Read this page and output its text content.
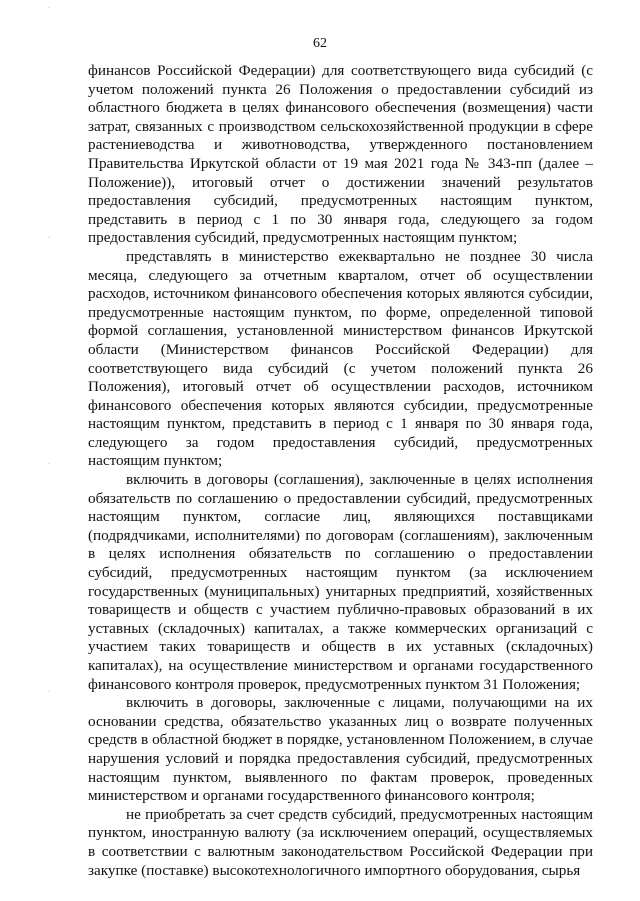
62
·
·
·
·

финансов Российской Федерации) для соответствующего вида субсидий (с учетом положений пункта 26 Положения о предоставлении субсидий из областного бюджета в целях финансового обеспечения (возмещения) части затрат, связанных с производством сельскохозяйственной продукции в сфере растениеводства и животноводства, утвержденного постановлением Правительства Иркутской области от 19 мая 2021 года № 343-пп (далее – Положение)), итоговый отчет о достижении значений результатов предоставления субсидий, предусмотренных настоящим пунктом, представить в период с 1 по 30 января года, следующего за годом предоставления субсидий, предусмотренных настоящим пунктом;

представлять в министерство ежеквартально не позднее 30 числа месяца, следующего за отчетным кварталом, отчет об осуществлении расходов, источником финансового обеспечения которых являются субсидии, предусмотренные настоящим пунктом, по форме, определенной типовой формой соглашения, установленной министерством финансов Иркутской области (Министерством финансов Российской Федерации) для соответствующего вида субсидий (с учетом положений пункта 26 Положения), итоговый отчет об осуществлении расходов, источником финансового обеспечения которых являются субсидии, предусмотренные настоящим пунктом, представить в период с 1 января по 30 января года, следующего за годом предоставления субсидий, предусмотренных настоящим пунктом;

включить в договоры (соглашения), заключенные в целях исполнения обязательств по соглашению о предоставлении субсидий, предусмотренных настоящим пунктом, согласие лиц, являющихся поставщиками (подрядчиками, исполнителями) по договорам (соглашениям), заключенным в целях исполнения обязательств по соглашению о предоставлении субсидий, предусмотренных настоящим пунктом (за исключением государственных (муниципальных) унитарных предприятий, хозяйственных товариществ и обществ с участием публично-правовых образований в их уставных (складочных) капиталах, а также коммерческих организаций с участием таких товариществ и обществ в их уставных (складочных) капиталах), на осуществление министерством и органами государственного финансового контроля проверок, предусмотренных пунктом 31 Положения;

включить в договоры, заключенные с лицами, получающими на их основании средства, обязательство указанных лиц о возврате полученных средств в областной бюджет в порядке, установленном Положением, в случае нарушения условий и порядка предоставления субсидий, предусмотренных настоящим пунктом, выявленного по фактам проверок, проведенных министерством и органами государственного финансового контроля;

не приобретать за счет средств субсидий, предусмотренных настоящим пунктом, иностранную валюту (за исключением операций, осуществляемых в соответствии с валютным законодательством Российской Федерации при закупке (поставке) высокотехнологичного импортного оборудования, сырья
